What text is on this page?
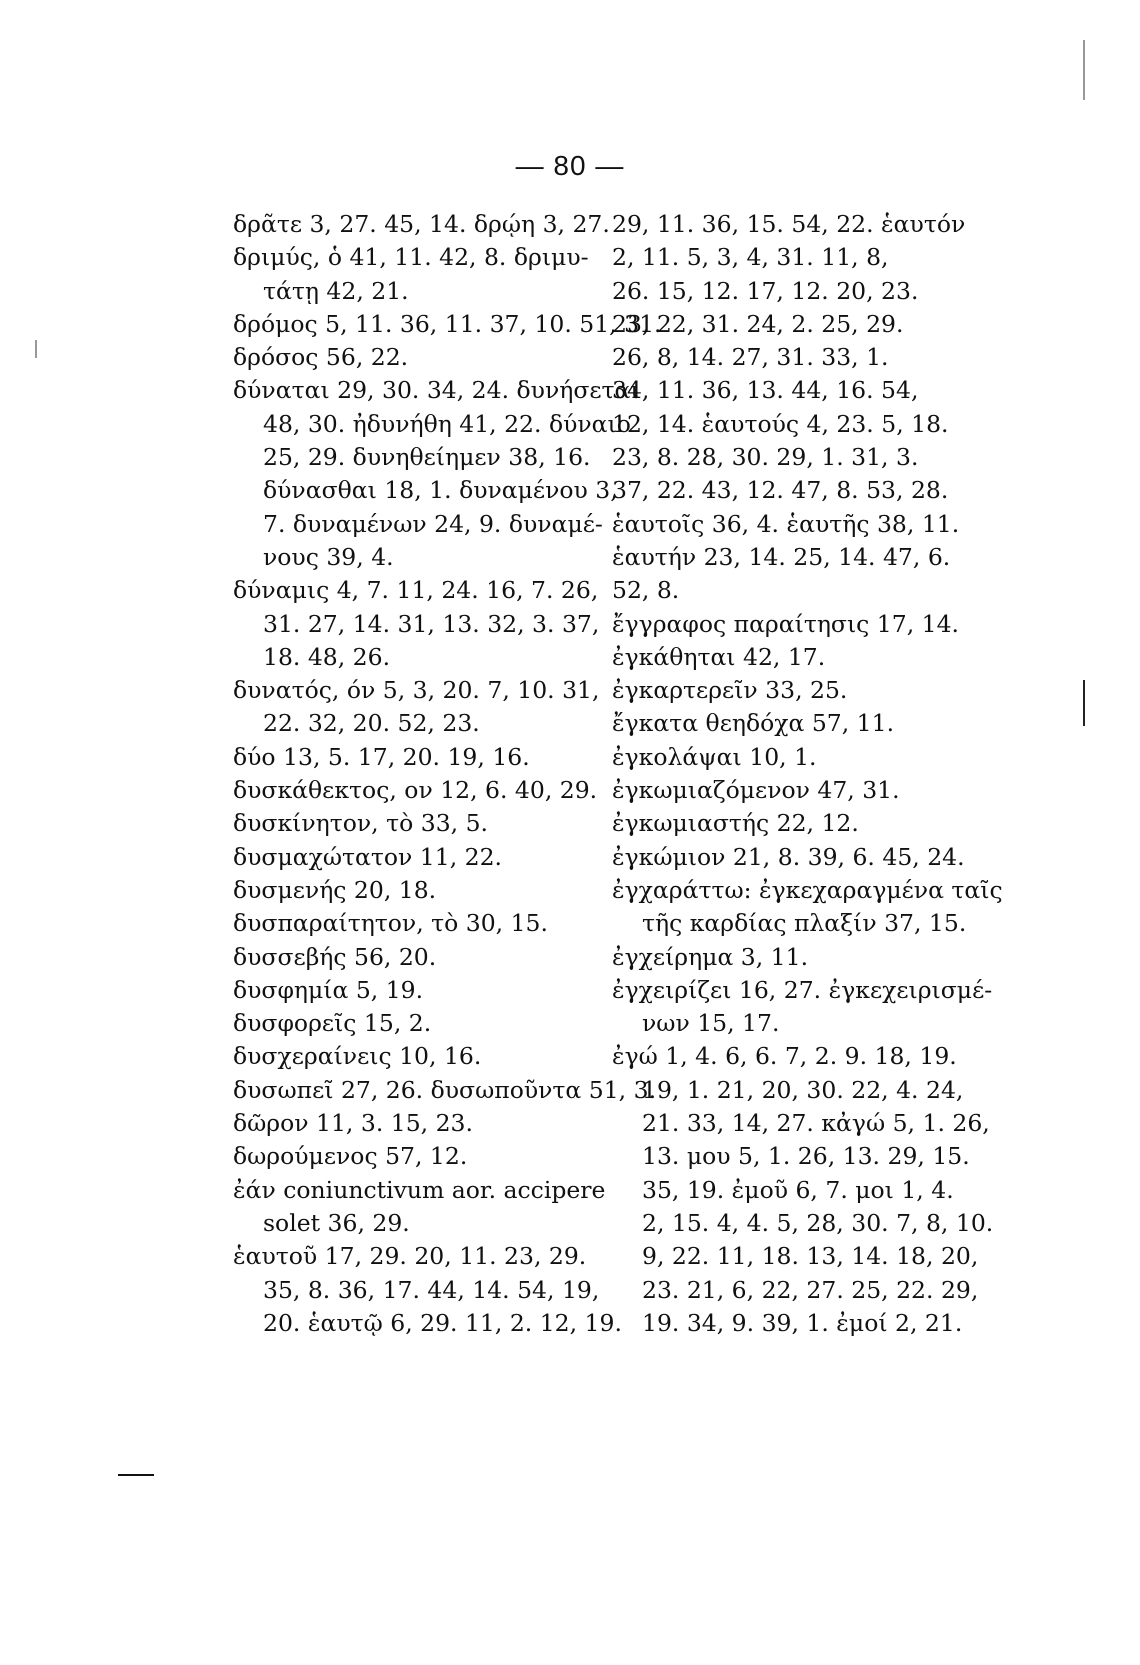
— 80 —
δρᾶτε 3, 27. 45, 14. δρῴη 3, 27.
δριμύς, ὁ 41, 11. 42, 8. δριμυ-
τάτῃ 42, 21.
δρόμος 5, 11. 36, 11. 37, 10. 51, 31.
δρόσος 56, 22.
δύναται 29, 30. 34, 24. δυνήσεται
48, 30. ἠδυνήθη 41, 22. δύναιο
25, 29. δυνηθείημεν 38, 16.
δύνασθαι 18, 1. δυναμένου 3,
7. δυναμένων 24, 9. δυναμέ-
νους 39, 4.
δύναμις 4, 7. 11, 24. 16, 7. 26,
31. 27, 14. 31, 13. 32, 3. 37,
18. 48, 26.
δυνατός, όν 5, 3, 20. 7, 10. 31,
22. 32, 20. 52, 23.
δύο 13, 5. 17, 20. 19, 16.
δυσκάθεκτος, ον 12, 6. 40, 29.
δυσκίνητον, τὸ 33, 5.
δυσμαχώτατον 11, 22.
δυσμενής 20, 18.
δυσπαραίτητον, τὸ 30, 15.
δυσσεβής 56, 20.
δυσφημία 5, 19.
δυσφορεῖς 15, 2.
δυσχεραίνεις 10, 16.
δυσωπεῖ 27, 26. δυσωποῦντα 51, 3.
δῶρον 11, 3. 15, 23.
δωρούμενος 57, 12.
ἐάν coniunctivum aor. accipere
solet 36, 29.
ἑαυτοῦ 17, 29. 20, 11. 23, 29.
35, 8. 36, 17. 44, 14. 54, 19,
20. ἑαυτῷ 6, 29. 11, 2. 12, 19.
29, 11. 36, 15. 54, 22. ἑαυτόν
2, 11. 5, 3, 4, 31. 11, 8,
26. 15, 12. 17, 12. 20, 23.
23, 22, 31. 24, 2. 25, 29.
26, 8, 14. 27, 31. 33, 1.
34, 11. 36, 13. 44, 16. 54,
12, 14. ἑαυτούς 4, 23. 5, 18.
23, 8. 28, 30. 29, 1. 31, 3.
37, 22. 43, 12. 47, 8. 53, 28.
ἑαυτοῖς 36, 4. ἑαυτῆς 38, 11.
ἑαυτήν 23, 14. 25, 14. 47, 6.
52, 8.
ἔγγραφος παραίτησις 17, 14.
ἐγκάθηται 42, 17.
ἐγκαρτερεῖν 33, 25.
ἔγκατα θεηδόχα 57, 11.
ἐγκολάψαι 10, 1.
ἐγκωμιαζόμενον 47, 31.
ἐγκωμιαστής 22, 12.
ἐγκώμιον 21, 8. 39, 6. 45, 24.
ἐγχαράττω: ἐγκεχαραγμένα ταῖς
τῆς καρδίας πλαξίν 37, 15.
ἐγχείρημα 3, 11.
ἐγχειρίζει 16, 27. ἐγκεχειρισμέ-
νων 15, 17.
ἐγώ 1, 4. 6, 6. 7, 2. 9. 18, 19.
19, 1. 21, 20, 30. 22, 4. 24,
21. 33, 14, 27. κἀγώ 5, 1. 26,
13. μου 5, 1. 26, 13. 29, 15.
35, 19. ἐμοῦ 6, 7. μοι 1, 4.
2, 15. 4, 4. 5, 28, 30. 7, 8, 10.
9, 22. 11, 18. 13, 14. 18, 20,
23. 21, 6, 22, 27. 25, 22. 29,
19. 34, 9. 39, 1. ἐμοί 2, 21.
